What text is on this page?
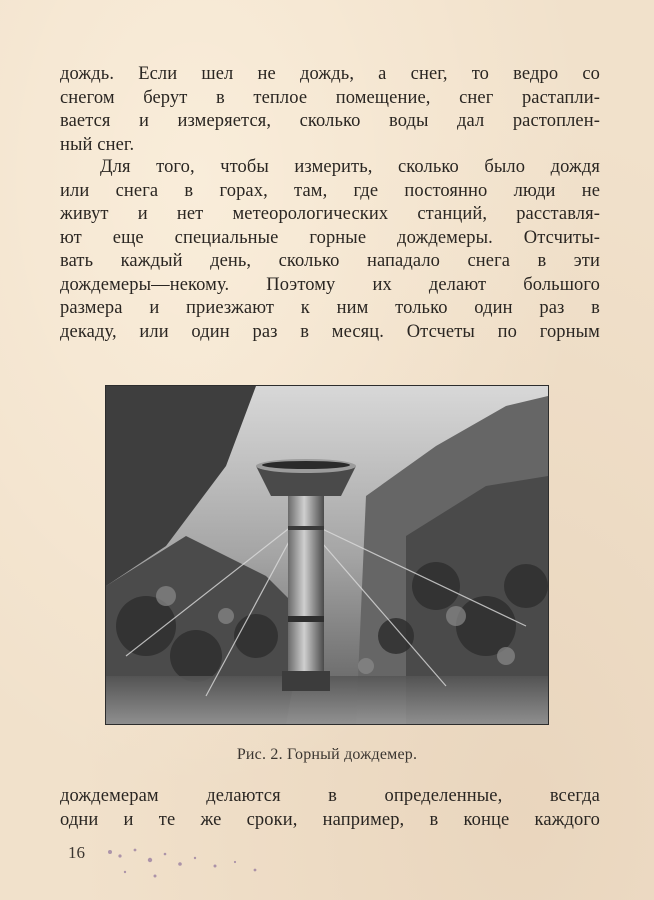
дождь. Если шел не дождь, а снег, то ведро со
снегом берут в теплое помещение, снег растапли-
вается и измеряется, сколько воды дал растоплен-
ный снег.
Для того, чтобы измерить, сколько было дождя
или снега в горах, там, где постоянно люди не
живут и нет метеорологических станций, расставля-
ют еще специальные горные дождемеры. Отсчиты-
вать каждый день, сколько нападало снега в эти
дождемеры—некому. Поэтому их делают большого
размера и приезжают к ним только один раз в
декаду, или один раз в месяц. Отсчеты по горным
Рис. 2. Горный дождемер.
дождемерам делаются в определенные, всегда
одни и те же сроки, например, в конце каждого
16
